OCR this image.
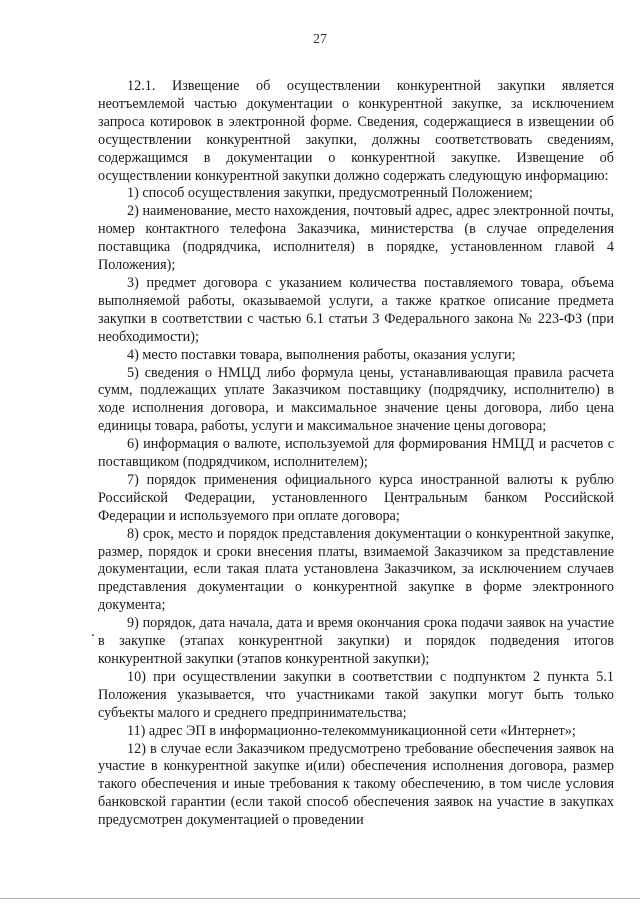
27

12.1. Извещение об осуществлении конкурентной закупки является неотъемлемой частью документации о конкурентной закупке, за исключением запроса котировок в электронной форме. Сведения, содержащиеся в извещении об осуществлении конкурентной закупки, должны соответствовать сведениям, содержащимся в документации о конкурентной закупке. Извещение об осуществлении конкурентной закупки должно содержать следующую информацию:

1) способ осуществления закупки, предусмотренный Положением;

2) наименование, место нахождения, почтовый адрес, адрес электронной почты, номер контактного телефона Заказчика, министерства (в случае определения поставщика (подрядчика, исполнителя) в порядке, установленном главой 4 Положения);

3) предмет договора с указанием количества поставляемого товара, объема выполняемой работы, оказываемой услуги, а также краткое описание предмета закупки в соответствии с частью 6.1 статьи 3 Федерального закона № 223-ФЗ (при необходимости);

4) место поставки товара, выполнения работы, оказания услуги;

5) сведения о НМЦД либо формула цены, устанавливающая правила расчета сумм, подлежащих уплате Заказчиком поставщику (подрядчику, исполнителю) в ходе исполнения договора, и максимальное значение цены договора, либо цена единицы товара, работы, услуги и максимальное значение цены договора;

6) информация о валюте, используемой для формирования НМЦД и расчетов с поставщиком (подрядчиком, исполнителем);

7) порядок применения официального курса иностранной валюты к рублю Российской Федерации, установленного Центральным банком Российской Федерации и используемого при оплате договора;

8) срок, место и порядок представления документации о конкурентной закупке, размер, порядок и сроки внесения платы, взимаемой Заказчиком за представление документации, если такая плата установлена Заказчиком, за исключением случаев представления документации о конкурентной закупке в форме электронного документа;

9) порядок, дата начала, дата и время окончания срока подачи заявок на участие в закупке (этапах конкурентной закупки) и порядок подведения итогов конкурентной закупки (этапов конкурентной закупки);

10) при осуществлении закупки в соответствии с подпунктом 2 пункта 5.1 Положения указывается, что участниками такой закупки могут быть только субъекты малого и среднего предпринимательства;

11) адрес ЭП в информационно-телекоммуникационной сети «Интернет»;

12) в случае если Заказчиком предусмотрено требование обеспечения заявок на участие в конкурентной закупке и(или) обеспечения исполнения договора, размер такого обеспечения и иные требования к такому обеспечению, в том числе условия банковской гарантии (если такой способ обеспечения заявок на участие в закупках предусмотрен документацией о проведении
